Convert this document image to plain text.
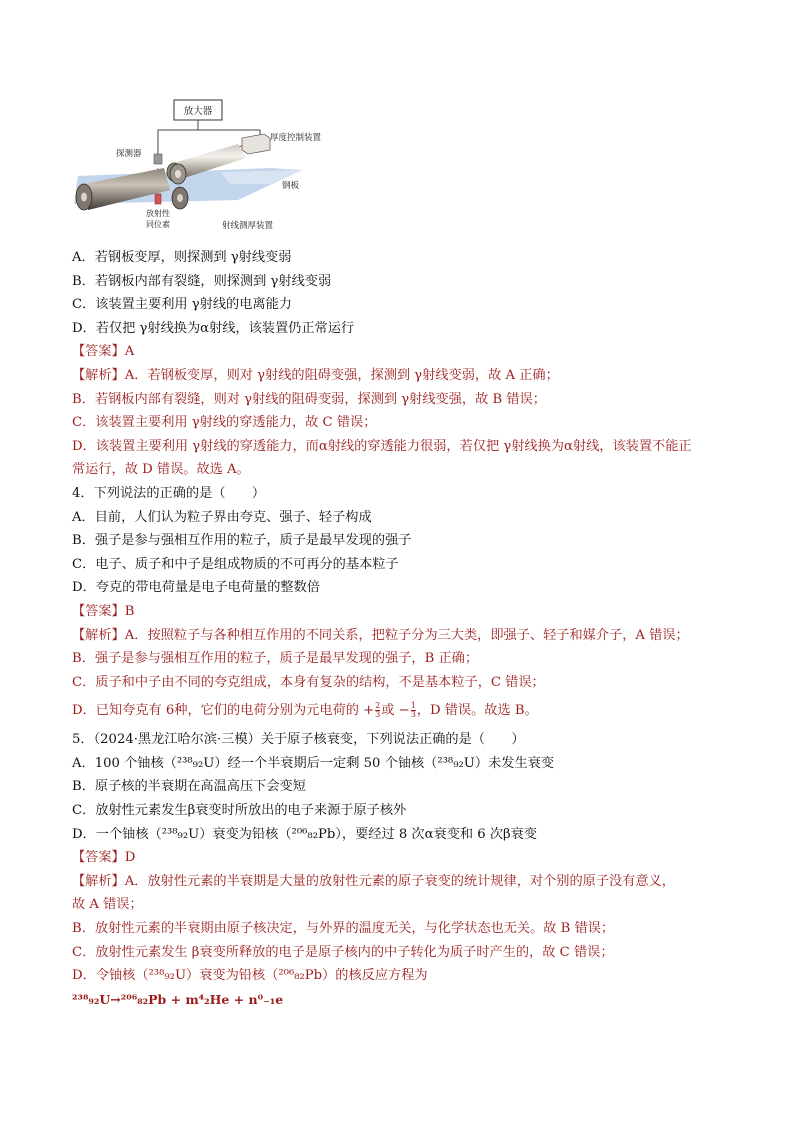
放大器
厚度控制装置
探测器
放射性
同位素
钢板
射线测厚装置
A．若钢板变厚，则探测到 γ射线变弱
B．若钢板内部有裂缝，则探测到 γ射线变弱
C．该装置主要利用 γ射线的电离能力
D．若仅把 γ射线换为α射线，该装置仍正常运行
【答案】A
【解析】A．若钢板变厚，则对 γ射线的阻碍变强，探测到 γ射线变弱，故 A 正确；
B．若钢板内部有裂缝，则对 γ射线的阻碍变弱，探测到 γ射线变强，故 B 错误；
C．该装置主要利用 γ射线的穿透能力，故 C 错误；
D．该装置主要利用 γ射线的穿透能力，而α射线的穿透能力很弱，若仅把 γ射线换为α射线，该装置不能正
常运行，故 D 错误。故选 A。
4．下列说法的正确的是（　　）
A．目前，人们认为粒子界由夸克、强子、轻子构成
B．强子是参与强相互作用的粒子，质子是最早发现的强子
C．电子、质子和中子是组成物质的不可再分的基本粒子
D．夸克的带电荷量是电子电荷量的整数倍
【答案】B
【解析】A．按照粒子与各种相互作用的不同关系，把粒子分为三大类，即强子、轻子和媒介子，A 错误；
B．强子是参与强相互作用的粒子，质子是最早发现的强子，B 正确；
C．质子和中子由不同的夸克组成，本身有复杂的结构，不是基本粒子，C 错误；
D．已知夸克有 6种，它们的电荷分别为元电荷的 + $\frac{2}{3}$ 或 − $\frac{1}{3}$ ，D 错误。故选 B。
5．（2024·黑龙江哈尔滨·三模）关于原子核衰变，下列说法正确的是（　　）
A．100 个铀核（²³⁸₉₂U）经一个半衰期后一定剩 50 个铀核（²³⁸₉₂U）未发生衰变
B．原子核的半衰期在高温高压下会变短
C．放射性元素发生β衰变时所放出的电子来源于原子核外
D．一个铀核（²³⁸₉₂U）衰变为铅核（²⁰⁶₈₂Pb），要经过 8 次α衰变和 6 次β衰变
【答案】D
【解析】A．放射性元素的半衰期是大量的放射性元素的原子衰变的统计规律，对个别的原子没有意义，
故 A 错误；
B．放射性元素的半衰期由原子核决定，与外界的温度无关，与化学状态也无关。故 B 错误；
C．放射性元素发生 β衰变所释放的电子是原子核内的中子转化为质子时产生的，故 C 错误；
D．令铀核（²³⁸₉₂U）衰变为铅核（²⁰⁶₈₂Pb）的核反应方程为
²³⁸₉₂U→²⁰⁶₈₂Pb + m⁴₂He + n⁰₋₁e
